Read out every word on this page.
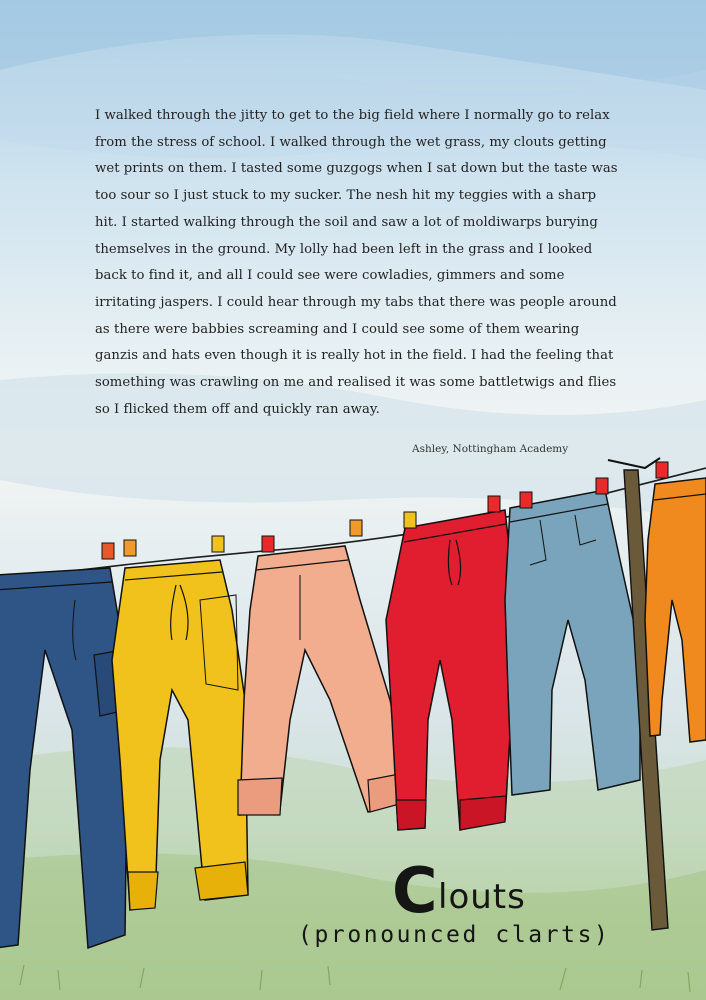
I walked through the jitty to get to the big field where I normally go to relax
from the stress of school. I walked through the wet grass, my clouts getting
wet prints on them. I tasted some guzgogs when I sat down but the taste was
too sour so I just stuck to my sucker. The nesh hit my teggies with a sharp
hit. I started walking through the soil and saw a lot of moldiwarps burying
themselves in the ground. My lolly had been left in the grass and I looked
back to find it, and all I could see were cowladies, gimmers and some
irritating jaspers. I could hear through my tabs that there was people around
as there were babbies screaming and I could see some of them wearing
ganzis and hats even though it is really hot in the field. I had the feeling that
something was crawling on me and realised it was some battletwigs and flies
so I flicked them off and quickly ran away.
Ashley, Nottingham Academy
C louts
(pronounced clarts)
